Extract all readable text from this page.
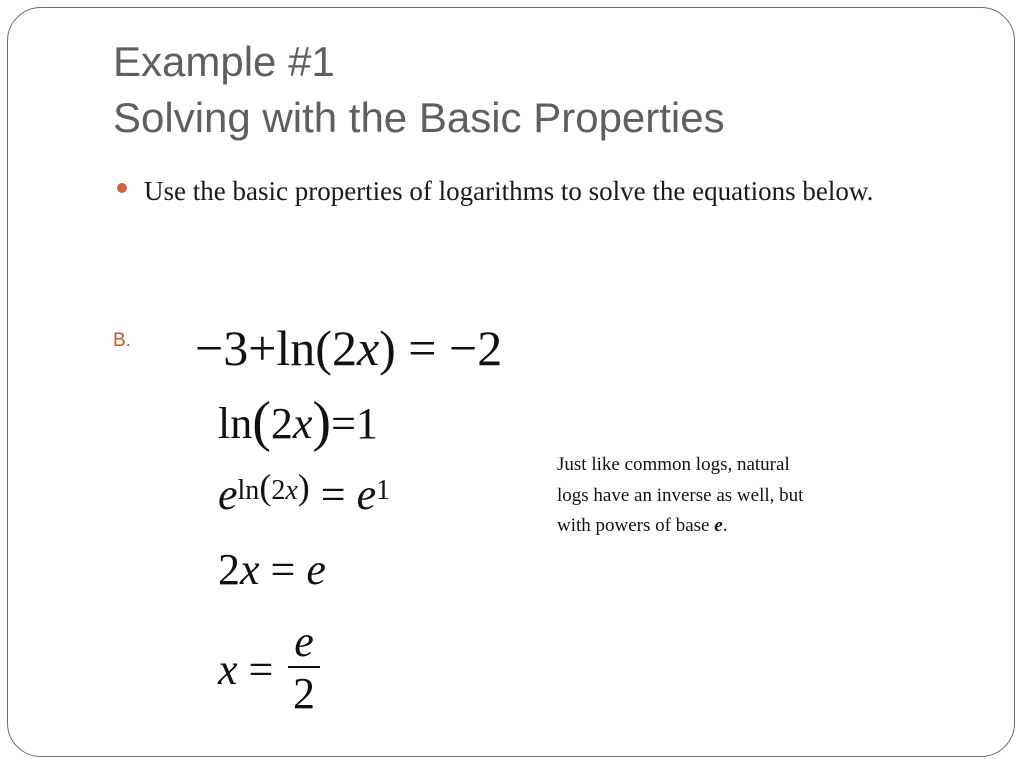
Example #1
Solving with the Basic Properties
Use the basic properties of logarithms to solve the equations below.
B. −3+ln(2x) = −2
ln(2x)=1
$e^{ln(2x)} = e^1$
2x = e
x =
e
2
Just like common logs, natural logs have an inverse as well, but with powers of base e.
